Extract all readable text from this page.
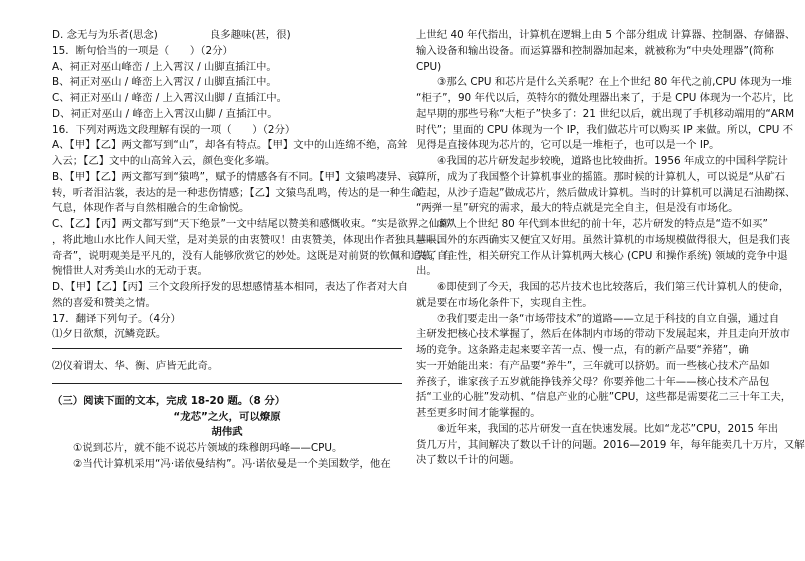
D. 念无与为乐者(思念)　　　　　良多趣味(甚，很)
15．断句恰当的一项是（　　）（2分）
A、祠正对巫山峰峦 / 上入霄汉 / 山脚直插江中。
B、祠正对巫山 / 峰峦上入霄汉 / 山脚直插江中。
C、祠正对巫山 / 峰峦 / 上入霄汉山脚 / 直插江中。
D、祠正对巫山 / 峰峦上入霄汉山脚 / 直插江中。
16．下列对两选文段理解有误的一项（　　）（2分）
A、【甲】【乙】两文都写到“山”，却各有特点。【甲】文中的山连绵不绝，高耸
入云；【乙】文中的山高耸入云，颜色变化多端。
B、【甲】【乙】两文都写到“猿鸣”，赋予的情感各有不同。【甲】文猿鸣凄异、哀
转，听者泪沾裳，表达的是一种悲伤情感；【乙】文猿鸟乱鸣，传达的是一种生命
气息，体现作者与自然相融合的生命愉悦。
C、【乙】【丙】两文都写到“天下绝景”一文中结尾以赞美和感慨收束。“实是欲界之仙都”
，将此地山水比作人间天堂，是对美景的由衷赞叹！由衷赞美，体现出作者独具慧眼、
奇者”，说明观美是平凡的，没有人能够欣赏它的妙处。这既是对前贤的钦佩和追慕，有
惋惜世人对秀美山水的无动于衷。
D、【甲】【乙】【丙】三个文段所抒发的思想感情基本相同，表达了作者对大自
然的喜爱和赞美之情。
17．翻译下列句子。（4分）
⑴夕日欲颓，沉鳞竞跃。
⑵仪着谓太、华、衡、庐皆无此奇。
（三）阅读下面的文本，完成 18-20 题。（8 分）
“龙芯”之火，可以燎原
胡伟武
①说到芯片，就不能不说芯片领域的珠穆朗玛峰——CPU。
②当代计算机采用“冯·诺依曼结构”。冯·诺依曼是一个美国数学，他在
上世纪 40 年代指出，计算机在逻辑上由 5 个部分组成 计算器、控制器、存储器、
输入设备和输出设备。而运算器和控制器加起来，就被称为“中央处理器”(简称
CPU)
③那么 CPU 和芯片是什么关系呢？在上个世纪 80 年代之前,CPU 体现为一堆
“柜子”，90 年代以后，英特尔的微处理器出来了，于是 CPU 体现为一个芯片，比
起早期的那些号称“大柜子”快多了：21 世纪以后，就出现了手机移动端用的“ARM
时代”；里面的 CPU 体现为一个 IP，我们做芯片可以购买 IP 来做。所以，CPU 不
见得是直接体现为芯片的，它可以是一堆柜子，也可以是一个 IP。
④我国的芯片研发起步较晚，道路也比较曲折。1956 年成立的中国科学院计
算所，成为了我国整个计算机事业的摇篮。那时候的计算机人，可以说是“从矿石
造起，从沙子造起”做成芯片，然后做成计算机。当时的计算机可以满足石油勘探、
“两弹一星”研究的需求，最大的特点就是完全自主，但是没有市场化。
⑤从上个世纪 80 年代到本世纪的前十年，芯片研发的特点是“造不如买”
——国外的东西确实又便宜又好用。虽然计算机的市场规模做得很大，但是我们丧
失了自主性，相关研究工作从计算机两大核心 (CPU 和操作系统) 领域的竞争中退
出。
⑥即使到了今天，我国的芯片技术也比较落后，我们第三代计算机人的使命，
就是要在市场化条件下，实现自主性。
⑦我们要走出一条“市场带技术”的道路——立足于科技的自立自强，通过自
主研发把核心技术掌握了，然后在体制内市场的带动下发展起来，并且走向开放市
场的竞争。这条路走起来要辛苦一点、慢一点，有的新产品要“养猪”，确
实一开始能出来：有产品要“养牛”，三年就可以挤奶。而一些核心技术产品如
养孩子，谁家孩子五岁就能挣钱养父母？你要养他二十年——核心技术产品包
括“工业的心脏”发动机、“信息产业的心脏”CPU，这些都是需要花二三十年工夫，
甚至更多时间才能掌握的。
⑧近年来，我国的芯片研发一直在快速发展。比如“龙芯”CPU，2015 年出
货几万片，其间解决了数以千计的问题。2016—2019 年，每年能卖几十万片，又解
决了数以千计的问题。
